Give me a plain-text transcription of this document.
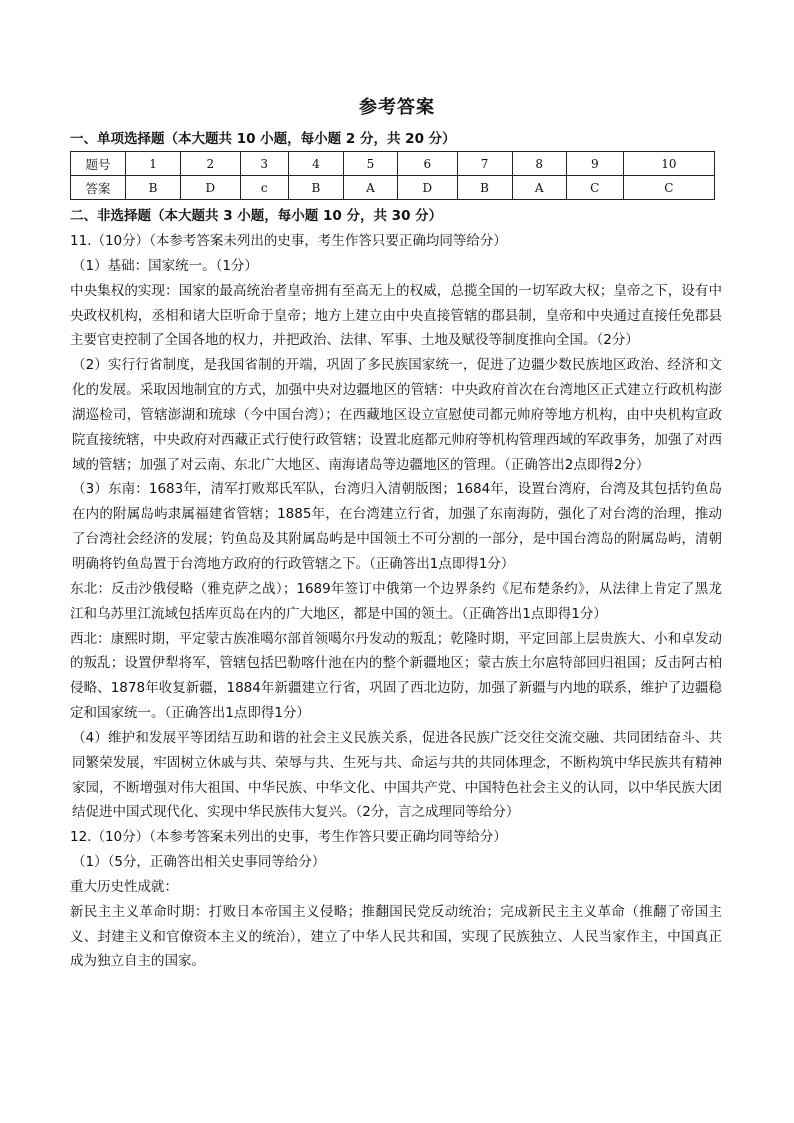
参考答案
一、单项选择题（本大题共 10 小题，每小题 2 分，共 20 分）
题号	1	2	3	4	5	6	7	8	9	10
答案	B	D	c	B	A	D	B	A	C	C
二、非选择题（本大题共 3 小题，每小题 10 分，共 30 分）

11.（10分）（本参考答案未列出的史事，考生作答只要正确均同等给分）

（1）基础：国家统一。（1分）

中央集权的实现：国家的最高统治者皇帝拥有至高无上的权威，总揽全国的一切军政大权；皇帝之下，设有中央政权机构，丞相和诸大臣听命于皇帝；地方上建立由中央直接管辖的郡县制，皇帝和中央通过直接任免郡县主要官吏控制了全国各地的权力，并把政治、法律、军事、土地及赋役等制度推向全国。（2分）

（2）实行行省制度，是我国省制的开端，巩固了多民族国家统一，促进了边疆少数民族地区政治、经济和文化的发展。采取因地制宜的方式，加强中央对边疆地区的管辖：中央政府首次在台湾地区正式建立行政机构澎湖巡检司，管辖澎湖和琉球（今中国台湾）；在西藏地区设立宣慰使司都元帅府等地方机构，由中央机构宣政院直接统辖，中央政府对西藏正式行使行政管辖；设置北庭都元帅府等机构管理西域的军政事务，加强了对西域的管辖；加强了对云南、东北广大地区、南海诸岛等边疆地区的管理。（正确答出2点即得2分）

（3）东南：1683年，清军打败郑氏军队，台湾归入清朝版图；1684年，设置台湾府，台湾及其包括钓鱼岛在内的附属岛屿隶属福建省管辖；1885年，在台湾建立行省，加强了东南海防，强化了对台湾的治理，推动了台湾社会经济的发展；钓鱼岛及其附属岛屿是中国领土不可分割的一部分，是中国台湾岛的附属岛屿，清朝明确将钓鱼岛置于台湾地方政府的行政管辖之下。（正确答出1点即得1分）

东北：反击沙俄侵略（雅克萨之战）；1689年签订中俄第一个边界条约《尼布楚条约》，从法律上肯定了黑龙江和乌苏里江流域包括库页岛在内的广大地区，都是中国的领土。（正确答出1点即得1分）

西北：康熙时期，平定蒙古族准噶尔部首领噶尔丹发动的叛乱；乾隆时期，平定回部上层贵族大、小和卓发动的叛乱；设置伊犁将军，管辖包括巴勒喀什池在内的整个新疆地区；蒙古族土尔扈特部回归祖国；反击阿古柏侵略、1878年收复新疆，1884年新疆建立行省，巩固了西北边防，加强了新疆与内地的联系，维护了边疆稳定和国家统一。（正确答出1点即得1分）

（4）维护和发展平等团结互助和谐的社会主义民族关系，促进各民族广泛交往交流交融、共同团结奋斗、共同繁荣发展，牢固树立休戚与共、荣辱与共、生死与共、命运与共的共同体理念，不断构筑中华民族共有精神家园，不断增强对伟大祖国、中华民族、中华文化、中国共产党、中国特色社会主义的认同，以中华民族大团结促进中国式现代化、实现中华民族伟大复兴。（2分，言之成理同等给分）

12.（10分）（本参考答案未列出的史事，考生作答只要正确均同等给分）

（1）（5分，正确答出相关史事同等给分）

重大历史性成就：

新民主主义革命时期：打败日本帝国主义侵略；推翻国民党反动统治；完成新民主主义革命（推翻了帝国主义、封建主义和官僚资本主义的统治），建立了中华人民共和国，实现了民族独立、人民当家作主，中国真正成为独立自主的国家。
